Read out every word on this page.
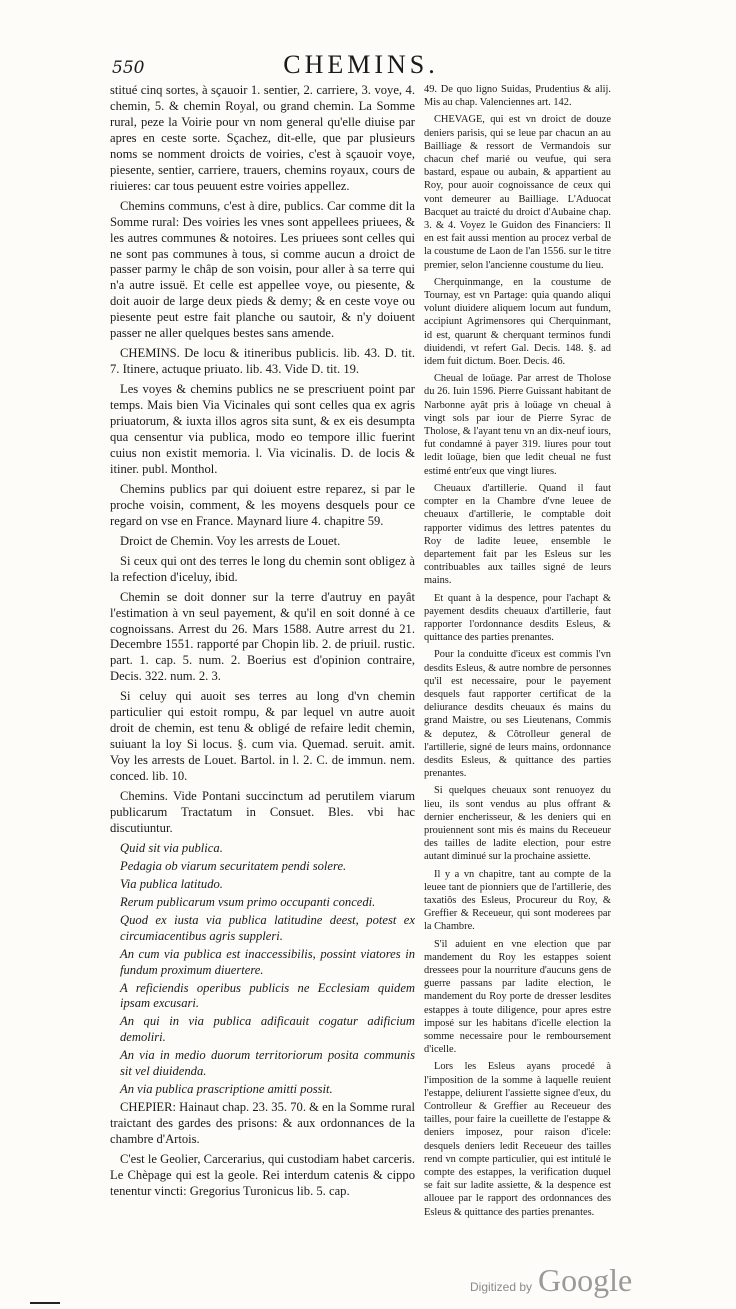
550	CHEMINS.

stitué cinq sortes, à sçauoir 1. sentier, 2. carriere, 3. voye, 4. chemin, 5. & chemin Royal, ou grand chemin. La Somme rural, peze la Voirie pour vn nom general qu'elle diuise par apres en ceste sorte. Sçachez, dit-elle, que par plusieurs noms se nomment droicts de voiries, c'est à sçauoir voye, piesente, sentier, carriere, trauers, chemins royaux, cours de riuieres: car tous peuuent estre voiries appellez.

Chemins communs, c'est à dire, publics. Car comme dit la Somme rural: Des voiries les vnes sont appellees priuees, & les autres communes & notoires. Les priuees sont celles qui ne sont pas communes à tous, si comme aucun a droict de passer parmy le châp de son voisin, pour aller à sa terre qui n'a autre issuë. Et celle est appellee voye, ou piesente, & doit auoir de large deux pieds & demy; & en ceste voye ou piesente peut estre fait planche ou sautoir, & n'y doiuent passer ne aller quelques bestes sans amende.

CHEMINS. De locu & itineribus publicis. lib. 43. D. tit. 7. Itinere, actuque priuato. lib. 43. Vide D. tit. 19.

Les voyes & chemins publics ne se prescriuent point par temps. Mais bien Via Vicinales qui sont celles qua ex agris priuatorum, & iuxta illos agros sita sunt, & ex eis desumpta qua censentur via publica, modo eo tempore illic fuerint cuius non existit memoria. l. Via vicinalis. D. de locis & itiner. publ. Monthol.

Chemins publics par qui doiuent estre reparez, si par le proche voisin, comment, & les moyens desquels pour ce regard on vse en France. Maynard liure 4. chapitre 59.

Droict de Chemin. Voy les arrests de Louet.

Si ceux qui ont des terres le long du chemin sont obligez à la refection d'iceluy, ibid.

Chemin se doit donner sur la terre d'autruy en payât l'estimation à vn seul payement, & qu'il en soit donné à ce cognoissans. Arrest du 26. Mars 1588. Autre arrest du 21. Decembre 1551. rapporté par Chopin lib. 2. de priuil. rustic. part. 1. cap. 5. num. 2. Boerius est d'opinion contraire, Decis. 322. num. 2. 3.

Si celuy qui auoit ses terres au long d'vn chemin particulier qui estoit rompu, & par lequel vn autre auoit droit de chemin, est tenu & obligé de refaire ledit chemin, suiuant la loy Si locus. §. cum via. Quemad. seruit. amit. Voy les arrests de Louet. Bartol. in l. 2. C. de immun. nem. conced. lib. 10.

Chemins. Vide Pontani succinctum ad perutilem viarum publicarum Tractatum in Consuet. Bles. vbi hac discutiuntur.

Quid sit via publica.

Pedagia ob viarum securitatem pendi solere.

Via publica latitudo.

Rerum publicarum vsum primo occupanti concedi.

Quod ex iusta via publica latitudine deest, potest ex circumiacentibus agris suppleri.

An cum via publica est inaccessibilis, possint viatores in fundum proximum diuertere.

A reficiendis operibus publicis ne Ecclesiam quidem ipsam excusari.

An qui in via publica adificauit cogatur adificium demoliri.

An via in medio duorum territoriorum posita communis sit vel diuidenda.

An via publica prascriptione amitti possit.

CHEPIER: Hainaut chap. 23. 35. 70. & en la Somme rural traictant des gardes des prisons: & aux ordonnances de la chambre d'Artois.

C'est le Geolier, Carcerarius, qui custodiam habet carceris. Le Chèpage qui est la geole. Rei interdum catenis & cippo tenentur vincti: Gregorius Turonicus lib. 5. cap.

49. De quo ligno Suidas, Prudentius & alij. Mis au chap. Valenciennes art. 142.

CHEVAGE, qui est vn droict de douze deniers parisis, qui se leue par chacun an au Bailliage & ressort de Vermandois sur chacun chef marié ou veufue, qui sera bastard, espaue ou aubain, & appartient au Roy, pour auoir cognoissance de ceux qui vont demeurer au Bailliage. L'Aduocat Bacquet au traicté du droict d'Aubaine chap. 3. & 4. Voyez le Guidon des Financiers: Il en est fait aussi mention au procez verbal de la coustume de Laon de l'an 1556. sur le titre premier, selon l'ancienne coustume du lieu.

Cherquinmange, en la coustume de Tournay, est vn Partage: quia quando aliqui volunt diuidere aliquem locum aut fundum, accipiunt Agrimensores qui Cherquinmant, id est, quarunt & cherquant terminos fundi diuidendi, vt refert Gal. Decis. 148. §. ad idem fuit dictum. Boer. Decis. 46.

Cheual de loüage. Par arrest de Tholose du 26. Iuin 1596. Pierre Guissant habitant de Narbonne ayât pris à loüage vn cheual à vingt sols par iour de Pierre Syrac de Tholose, & l'ayant tenu vn an dix-neuf iours, fut condamné à payer 319. liures pour tout ledit loüage, bien que ledit cheual ne fust estimé entr'eux que vingt liures.

Cheuaux d'artillerie. Quand il faut compter en la Chambre d'vne leuee de cheuaux d'artillerie, le comptable doit rapporter vidimus des lettres patentes du Roy de ladite leuee, ensemble le departement fait par les Esleus sur les contribuables aux tailles signé de leurs mains.

Et quant à la despence, pour l'achapt & payement desdits cheuaux d'artillerie, faut rapporter l'ordonnance desdits Esleus, & quittance des parties prenantes.

Pour la conduitte d'iceux est commis l'vn desdits Esleus, & autre nombre de personnes qu'il est necessaire, pour le payement desquels faut rapporter certificat de la deliurance desdits cheuaux és mains du grand Maistre, ou ses Lieutenans, Commis & deputez, & Côtrolleur general de l'artillerie, signé de leurs mains, ordonnance desdits Esleus, & quittance des parties prenantes.

Si quelques cheuaux sont renuoyez du lieu, ils sont vendus au plus offrant & dernier encherisseur, & les deniers qui en prouiennent sont mis és mains du Receueur des tailles de ladite election, pour estre autant diminué sur la prochaine assiette.

Il y a vn chapitre, tant au compte de la leuee tant de pionniers que de l'artillerie, des taxatiôs des Esleus, Procureur du Roy, & Greffier & Receueur, qui sont moderees par la Chambre.

S'il aduient en vne election que par mandement du Roy les estappes soient dressees pour la nourriture d'aucuns gens de guerre passans par ladite election, le mandement du Roy porte de dresser lesdites estappes à toute diligence, pour apres estre imposé sur les habitans d'icelle election la somme necessaire pour le remboursement d'icelle.

Lors les Esleus ayans procedé à l'imposition de la somme à laquelle reuient l'estappe, deliurent l'assiette signee d'eux, du Controlleur & Greffier au Receueur des tailles, pour faire la cueillette de l'estappe & deniers imposez, pour raison d'icele: desquels deniers ledit Receueur des tailles rend vn compte particulier, qui est intitulé le compte des estappes, la verification duquel se fait sur ladite assiette, & la despence est allouee par le rapport des ordonnances des Esleus & quittance des parties prenantes.

Digitized by Google
